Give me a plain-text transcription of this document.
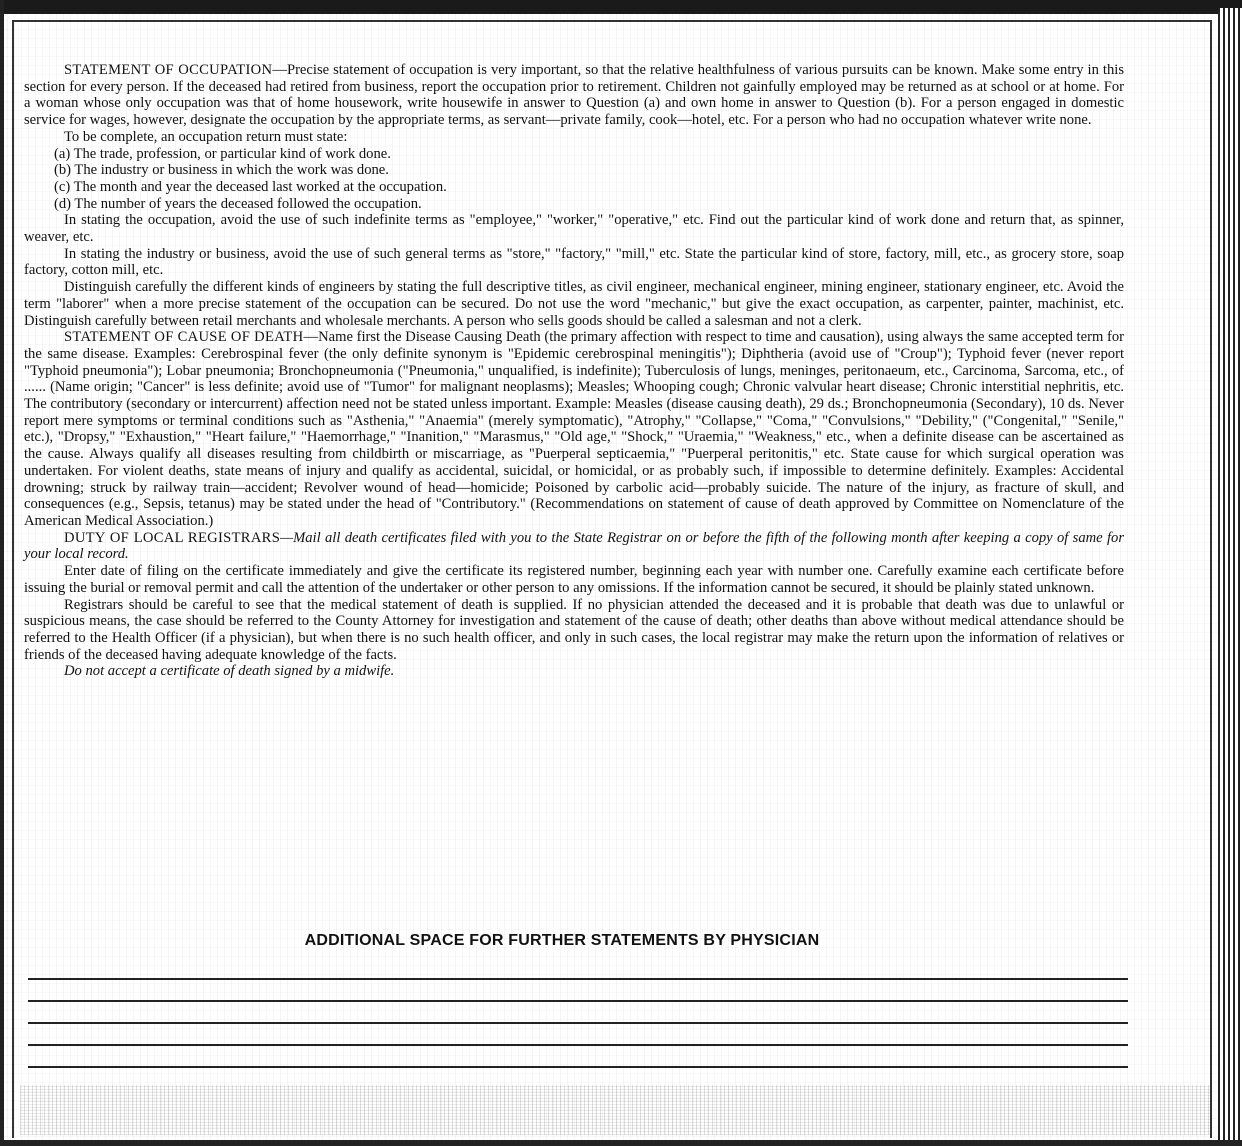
STATEMENT OF OCCUPATION—Precise statement of occupation is very important, so that the relative healthfulness of various pursuits can be known. Make some entry in this section for every person. If the deceased had retired from business, report the occupation prior to retirement. Children not gainfully employed may be returned as at school or at home. For a woman whose only occupation was that of home housework, write housewife in answer to Question (a) and own home in answer to Question (b). For a person engaged in domestic service for wages, however, designate the occupation by the appropriate terms, as servant—private family, cook—hotel, etc. For a person who had no occupation whatever write none.

To be complete, an occupation return must state:

(a) The trade, profession, or particular kind of work done.

(b) The industry or business in which the work was done.

(c) The month and year the deceased last worked at the occupation.

(d) The number of years the deceased followed the occupation.

In stating the occupation, avoid the use of such indefinite terms as "employee," "worker," "operative," etc. Find out the particular kind of work done and return that, as spinner, weaver, etc.

In stating the industry or business, avoid the use of such general terms as "store," "factory," "mill," etc. State the particular kind of store, factory, mill, etc., as grocery store, soap factory, cotton mill, etc.

Distinguish carefully the different kinds of engineers by stating the full descriptive titles, as civil engineer, mechanical engineer, mining engineer, stationary engineer, etc. Avoid the term "laborer" when a more precise statement of the occupation can be secured. Do not use the word "mechanic," but give the exact occupation, as carpenter, painter, machinist, etc. Distinguish carefully between retail merchants and wholesale merchants. A person who sells goods should be called a salesman and not a clerk.

STATEMENT OF CAUSE OF DEATH—Name first the Disease Causing Death (the primary affection with respect to time and causation), using always the same accepted term for the same disease. Examples: Cerebrospinal fever (the only definite synonym is "Epidemic cerebrospinal meningitis"); Diphtheria (avoid use of "Croup"); Typhoid fever (never report "Typhoid pneumonia"); Lobar pneumonia; Bronchopneumonia ("Pneumonia," unqualified, is indefinite); Tuberculosis of lungs, meninges, peritonaeum, etc., Carcinoma, Sarcoma, etc., of ...... (Name origin; "Cancer" is less definite; avoid use of "Tumor" for malignant neoplasms); Measles; Whooping cough; Chronic valvular heart disease; Chronic interstitial nephritis, etc. The contributory (secondary or intercurrent) affection need not be stated unless important. Example: Measles (disease causing death), 29 ds.; Bronchopneumonia (Secondary), 10 ds. Never report mere symptoms or terminal conditions such as "Asthenia," "Anaemia" (merely symptomatic), "Atrophy," "Collapse," "Coma," "Convulsions," "Debility," ("Congenital," "Senile," etc.), "Dropsy," "Exhaustion," "Heart failure," "Haemorrhage," "Inanition," "Marasmus," "Old age," "Shock," "Uraemia," "Weakness," etc., when a definite disease can be ascertained as the cause. Always qualify all diseases resulting from childbirth or miscarriage, as "Puerperal septicaemia," "Puerperal peritonitis," etc. State cause for which surgical operation was undertaken. For violent deaths, state means of injury and qualify as accidental, suicidal, or homicidal, or as probably such, if impossible to determine definitely. Examples: Accidental drowning; struck by railway train—accident; Revolver wound of head—homicide; Poisoned by carbolic acid—probably suicide. The nature of the injury, as fracture of skull, and consequences (e.g., Sepsis, tetanus) may be stated under the head of "Contributory." (Recommendations on statement of cause of death approved by Committee on Nomenclature of the American Medical Association.)

DUTY OF LOCAL REGISTRARS—Mail all death certificates filed with you to the State Registrar on or before the fifth of the following month after keeping a copy of same for your local record.

Enter date of filing on the certificate immediately and give the certificate its registered number, beginning each year with number one. Carefully examine each certificate before issuing the burial or removal permit and call the attention of the undertaker or other person to any omissions. If the information cannot be secured, it should be plainly stated unknown.

Registrars should be careful to see that the medical statement of death is supplied. If no physician attended the deceased and it is probable that death was due to unlawful or suspicious means, the case should be referred to the County Attorney for investigation and statement of the cause of death; other deaths than above without medical attendance should be referred to the Health Officer (if a physician), but when there is no such health officer, and only in such cases, the local registrar may make the return upon the information of relatives or friends of the deceased having adequate knowledge of the facts.

Do not accept a certificate of death signed by a midwife.

ADDITIONAL SPACE FOR FURTHER STATEMENTS BY PHYSICIAN
